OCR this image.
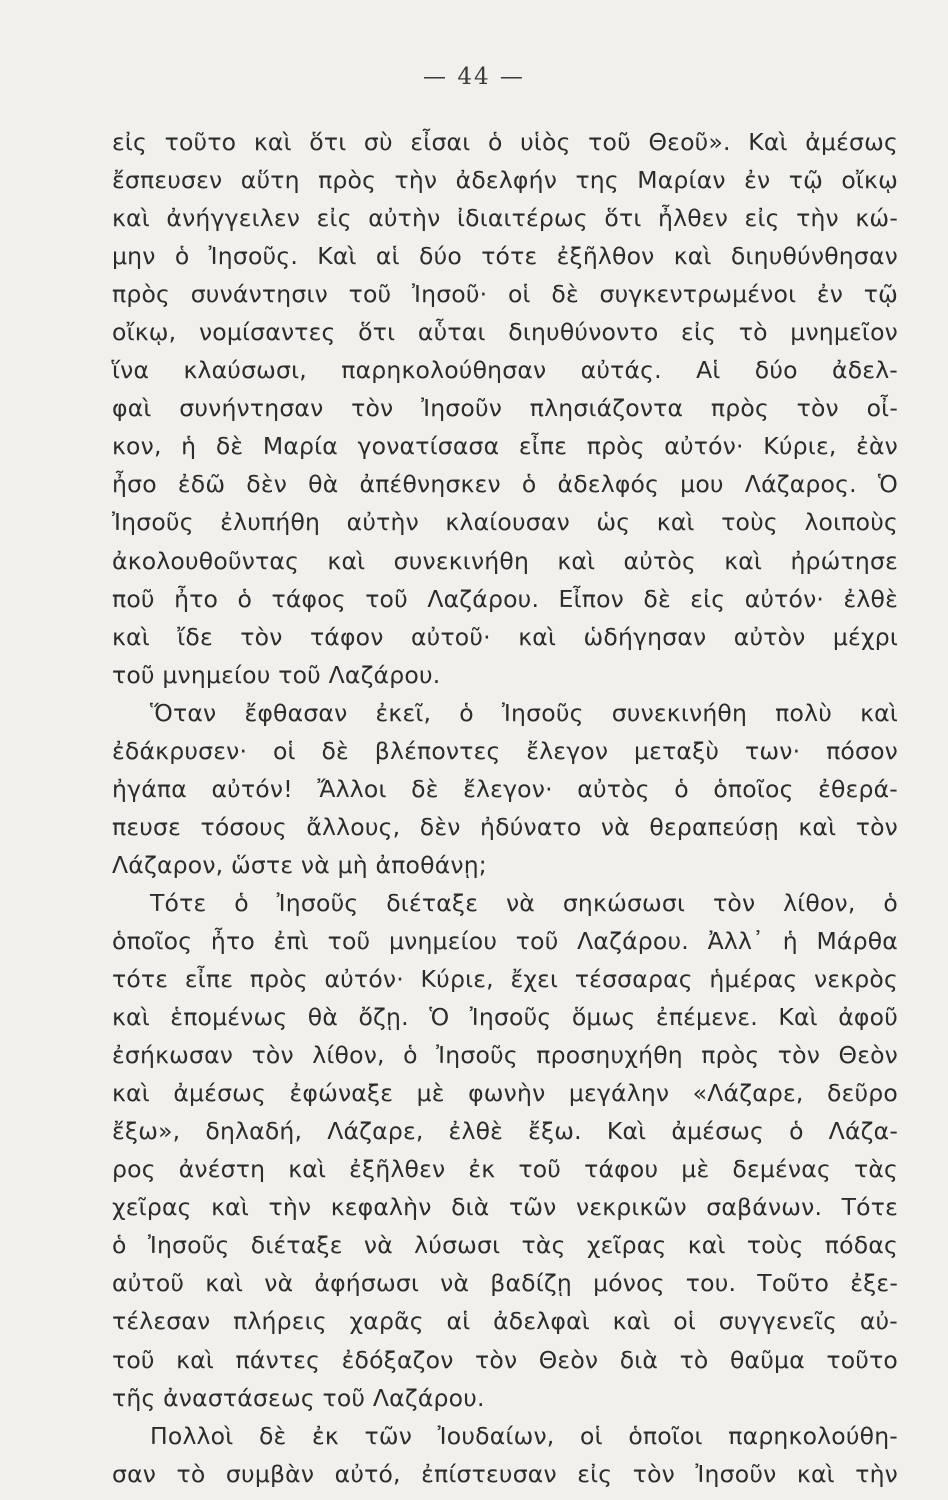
— 44 —
εἰς τοῦτο καὶ ὅτι σὺ εἶσαι ὁ υἱὸς τοῦ Θεοῦ». Καὶ ἀμέσως
ἔσπευσεν αὕτη πρὸς τὴν ἀδελφήν της Μαρίαν ἐν τῷ οἴκῳ
καὶ ἀνήγγειλεν εἰς αὐτὴν ἰδιαιτέρως ὅτι ἦλθεν εἰς τὴν κώ-
μην ὁ Ἰησοῦς. Καὶ αἱ δύο τότε ἐξῆλθον καὶ διηυθύνθησαν
πρὸς συνάντησιν τοῦ Ἰησοῦ· οἱ δὲ συγκεντρωμένοι ἐν τῷ
οἴκῳ, νομίσαντες ὅτι αὗται διηυθύνοντο εἰς τὸ μνημεῖον
ἵνα κλαύσωσι, παρηκολούθησαν αὐτάς. Αἱ δύο ἀδελ-
φαὶ συνήντησαν τὸν Ἰησοῦν πλησιάζοντα πρὸς τὸν οἶ-
κον, ἡ δὲ Μαρία γονατίσασα εἶπε πρὸς αὐτόν· Κύριε, ἐὰν
ἦσο ἐδῶ δὲν θὰ ἀπέθνησκεν ὁ ἀδελφός μου Λάζαρος. Ὁ
Ἰησοῦς ἐλυπήθη αὐτὴν κλαίουσαν ὡς καὶ τοὺς λοιποὺς
ἀκολουθοῦντας καὶ συνεκινήθη καὶ αὐτὸς καὶ ἠρώτησε
ποῦ ἦτο ὁ τάφος τοῦ Λαζάρου. Εἶπον δὲ εἰς αὐτόν· ἐλθὲ
καὶ ἴδε τὸν τάφον αὐτοῦ· καὶ ὡδήγησαν αὐτὸν μέχρι
τοῦ μνημείου τοῦ Λαζάρου.
Ὅταν ἔφθασαν ἐκεῖ, ὁ Ἰησοῦς συνεκινήθη πολὺ καὶ
ἐδάκρυσεν· οἱ δὲ βλέποντες ἔλεγον μεταξὺ των· πόσον
ἠγάπα αὐτόν! Ἄλλοι δὲ ἔλεγον· αὐτὸς ὁ ὁποῖος ἐθερά-
πευσε τόσους ἄλλους, δὲν ἠδύνατο νὰ θεραπεύσῃ καὶ τὸν
Λάζαρον, ὥστε νὰ μὴ ἀποθάνῃ;
Τότε ὁ Ἰησοῦς διέταξε νὰ σηκώσωσι τὸν λίθον, ὁ
ὁποῖος ἦτο ἐπὶ τοῦ μνημείου τοῦ Λαζάρου. Ἀλλ᾽ ἡ Μάρθα
τότε εἶπε πρὸς αὐτόν· Κύριε, ἔχει τέσσαρας ἡμέρας νεκρὸς
καὶ ἑπομένως θὰ ὄζῃ. Ὁ Ἰησοῦς ὅμως ἐπέμενε. Καὶ ἀφοῦ
ἐσήκωσαν τὸν λίθον, ὁ Ἰησοῦς προσηυχήθη πρὸς τὸν Θεὸν
καὶ ἀμέσως ἐφώναξε μὲ φωνὴν μεγάλην «Λάζαρε, δεῦρο
ἔξω», δηλαδή, Λάζαρε, ἐλθὲ ἔξω. Καὶ ἀμέσως ὁ Λάζα-
ρος ἀνέστη καὶ ἐξῆλθεν ἐκ τοῦ τάφου μὲ δεμένας τὰς
χεῖρας καὶ τὴν κεφαλὴν διὰ τῶν νεκρικῶν σαβάνων. Τότε
ὁ Ἰησοῦς διέταξε νὰ λύσωσι τὰς χεῖρας καὶ τοὺς πόδας
αὐτοῦ καὶ νὰ ἀφήσωσι νὰ βαδίζῃ μόνος του. Τοῦτο ἐξε-
τέλεσαν πλήρεις χαρᾶς αἱ ἀδελφαὶ καὶ οἱ συγγενεῖς αὐ-
τοῦ καὶ πάντες ἐδόξαζον τὸν Θεὸν διὰ τὸ θαῦμα τοῦτο
τῆς ἀναστάσεως τοῦ Λαζάρου.
Πολλοὶ δὲ ἐκ τῶν Ἰουδαίων, οἱ ὁποῖοι παρηκολούθη-
σαν τὸ συμβὰν αὐτό, ἐπίστευσαν εἰς τὸν Ἰησοῦν καὶ τὴν
